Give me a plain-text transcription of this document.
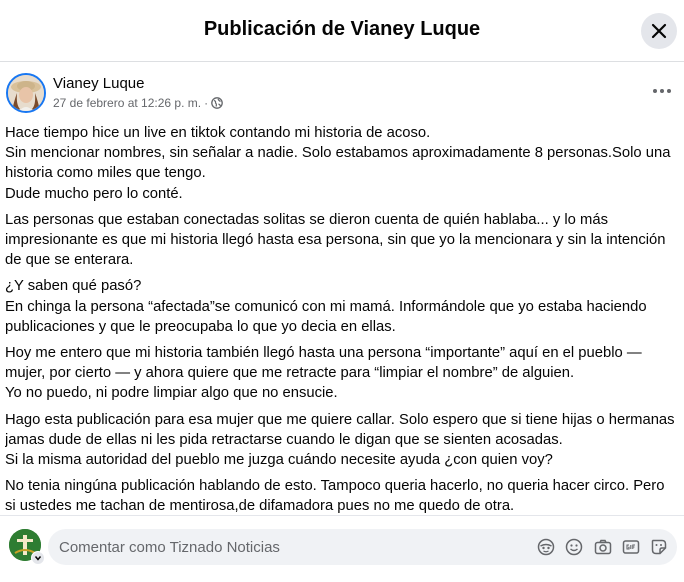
Publicación de Vianey Luque
Vianey Luque
27 de febrero at 12:26 p. m. ·

Hace tiempo hice un live en tiktok contando mi historia de acoso.
Sin mencionar nombres, sin señalar a nadie. Solo estabamos aproximadamente 8 personas.Solo una
historia como miles que tengo.
Dude mucho pero lo conté.

Las personas que estaban conectadas solitas se dieron cuenta de quién hablaba... y lo más
impresionante es que mi historia llegó hasta esa persona, sin que yo la mencionara y sin la intención
de que se enterara.

¿Y saben qué pasó?
En chinga la persona “afectada”se comunicó con mi mamá. Informándole que yo estaba haciendo
publicaciones y que le preocupaba lo que yo decia en ellas.

Hoy me entero que mi historia también llegó hasta una persona “importante” aquí en el pueblo —
mujer, por cierto — y ahora quiere que me retracte para “limpiar el nombre” de alguien.
Yo no puedo, ni podre limpiar algo que no ensucie.

Hago esta publicación para esa mujer que me quiere callar. Solo espero que si tiene hijas o hermanas
jamas dude de ellas ni les pida retractarse cuando le digan que se sienten acosadas.
Si la misma autoridad del pueblo me juzga cuándo necesite ayuda ¿con quien voy?

No tenia ningúna publicación hablando de esto. Tampoco queria hacerlo, no queria hacer circo. Pero
si ustedes me tachan de mentirosa,de difamadora pues no me quedo de otra.

Comentar como Tiznado Noticias
